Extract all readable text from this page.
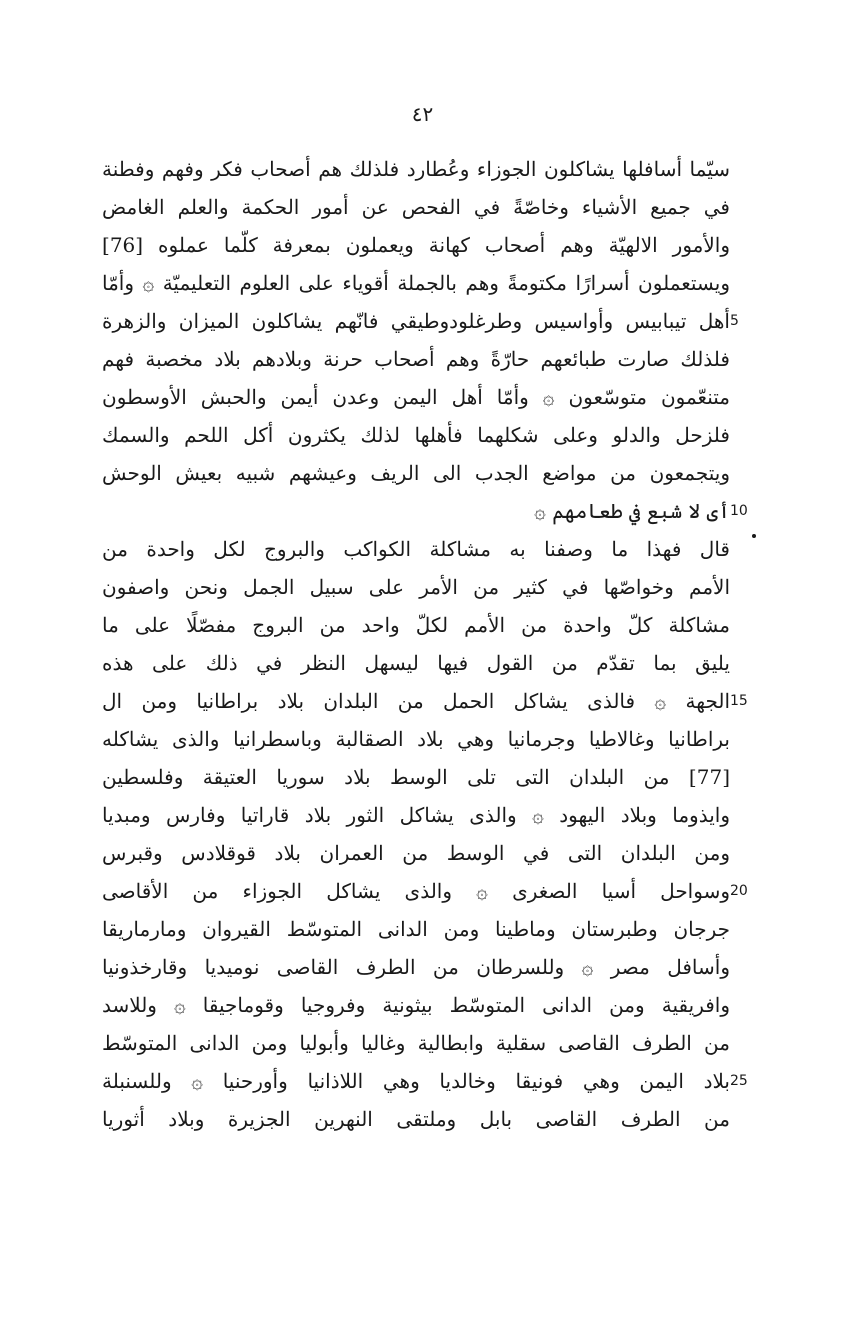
٤٢
سيّما أسافلها يشاكلون الجوزاء وعُطارد فلذلك هم أصحاب فكر وفهم وفطنة
في جميع الأشياء وخاصّةً في الفحص عن أمور الحكمة والعلم الغامض
والأمور الالهيّة وهم أصحاب كهانة ويعملون بمعرفة كلّما عملوه [76]
ويستعملون أسرارًا مكتومةً وهم بالجملة أقوياء على العلوم التعليميّة ۞ وأمّا
أهل تيبابيس وأواسيس وطرغلودوطيقي فانّهم يشاكلون الميزان والزهرة
فلذلك صارت طبائعهم حارّةً وهم أصحاب حرنة وبلادهم بلاد مخصبة فهم
متنعّمون متوسّعون ۞ وأمّا أهل اليمن وعدن أيمن والحبش الأوسطون
فلزحل والدلو وعلى شكلهما فأهلها لذلك يكثرون أكل اللحم والسمك
ويتجمعون من مواضع الجدب الى الريف وعيشهم شبيه بعيش الوحش
أى لا شبع في طعامهم ۞
قال فهذا ما وصفنا به مشاكلة الكواكب والبروج لكل واحدة من
الأمم وخواصّها في كثير من الأمر على سبيل الجمل ونحن واصفون
مشاكلة كلّ واحدة من الأمم لكلّ واحد من البروج مفصّلًا على ما
يليق بما تقدّم من القول فيها ليسهل النظر في ذلك على هذه
الجهة ۞ فالذى يشاكل الحمل من البلدان بلاد براطانيا ومن ال
براطانيا وغالاطيا وجرمانيا وهي بلاد الصقالبة وباسطرانيا والذى يشاكله
[77] من البلدان التى تلى الوسط بلاد سوريا العتيقة وفلسطين
وايذوما وبلاد اليهود ۞ والذى يشاكل الثور بلاد قاراتيا وفارس ومبديا
ومن البلدان التى في الوسط من العمران بلاد قوقلادس وقبرس
وسواحل أسيا الصغرى ۞ والذى يشاكل الجوزاء من الأقاصى
جرجان وطبرستان وماطينا ومن الدانى المتوسّط القيروان ومارماريقا
وأسافل مصر ۞ وللسرطان من الطرف القاصى نوميديا وقارخذونيا
وافريقية ومن الدانى المتوسّط بيثونية وفروجيا وقوماجيقا ۞ وللاسد
من الطرف القاصى سقلية وابطالية وغاليا وأبوليا ومن الدانى المتوسّط
بلاد اليمن وهي فونيقا وخالديا وهي اللاذانيا وأورحنيا ۞ وللسنبلة
من الطرف القاصى بابل وملتقى النهرين الجزيرة وبلاد أثوريا
5
10
15
20
25
